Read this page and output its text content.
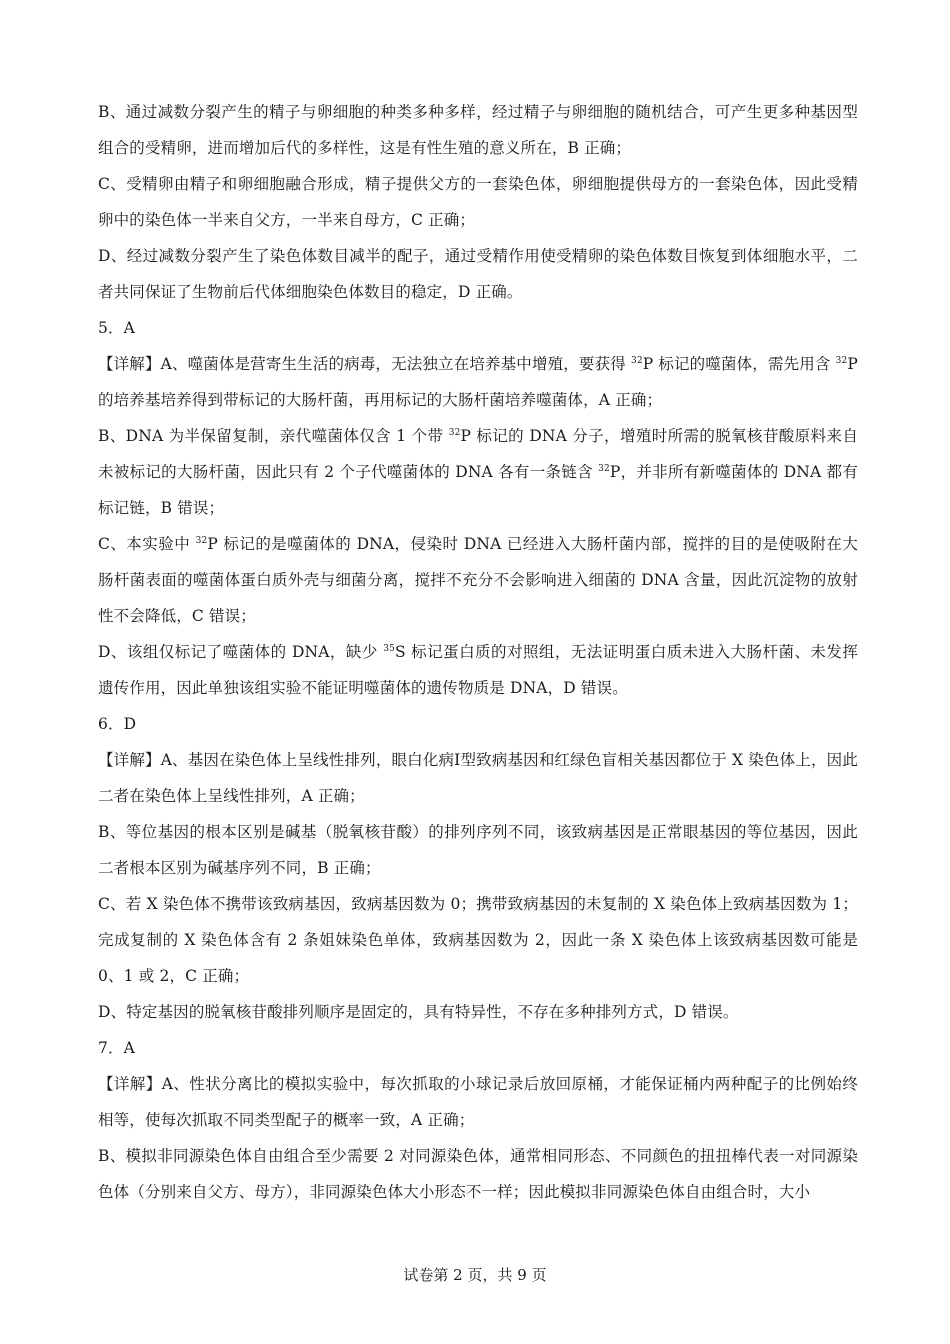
B、通过减数分裂产生的精子与卵细胞的种类多种多样，经过精子与卵细胞的随机结合，可产生更多种基因型组合的受精卵，进而增加后代的多样性，这是有性生殖的意义所在，B 正确；

C、受精卵由精子和卵细胞融合形成，精子提供父方的一套染色体，卵细胞提供母方的一套染色体，因此受精卵中的染色体一半来自父方，一半来自母方，C 正确；

D、经过减数分裂产生了染色体数目减半的配子，通过受精作用使受精卵的染色体数目恢复到体细胞水平，二者共同保证了生物前后代体细胞染色体数目的稳定，D 正确。

5．A

【详解】A、噬菌体是营寄生生活的病毒，无法独立在培养基中增殖，要获得 $^{32}$P 标记的噬菌体，需先用含 $^{32}$P 的培养基培养得到带标记的大肠杆菌，再用标记的大肠杆菌培养噬菌体，A 正确；

B、DNA 为半保留复制，亲代噬菌体仅含 1 个带 $^{32}$P 标记的 DNA 分子，增殖时所需的脱氧核苷酸原料来自未被标记的大肠杆菌，因此只有 2 个子代噬菌体的 DNA 各有一条链含 $^{32}$P，并非所有新噬菌体的 DNA 都有标记链，B 错误；

C、本实验中 $^{32}$P 标记的是噬菌体的 DNA，侵染时 DNA 已经进入大肠杆菌内部，搅拌的目的是使吸附在大肠杆菌表面的噬菌体蛋白质外壳与细菌分离，搅拌不充分不会影响进入细菌的 DNA 含量，因此沉淀物的放射性不会降低，C 错误；

D、该组仅标记了噬菌体的 DNA，缺少 $^{35}$S 标记蛋白质的对照组，无法证明蛋白质未进入大肠杆菌、未发挥遗传作用，因此单独该组实验不能证明噬菌体的遗传物质是 DNA，D 错误。

6．D

【详解】A、基因在染色体上呈线性排列，眼白化病Ⅰ型致病基因和红绿色盲相关基因都位于 X 染色体上，因此二者在染色体上呈线性排列，A 正确；

B、等位基因的根本区别是碱基（脱氧核苷酸）的排列序列不同，该致病基因是正常眼基因的等位基因，因此二者根本区别为碱基序列不同，B 正确；

C、若 X 染色体不携带该致病基因，致病基因数为 0；携带致病基因的未复制的 X 染色体上致病基因数为 1；完成复制的 X 染色体含有 2 条姐妹染色单体，致病基因数为 2，因此一条 X 染色体上该致病基因数可能是 0、1 或 2，C 正确；

D、特定基因的脱氧核苷酸排列顺序是固定的，具有特异性，不存在多种排列方式，D 错误。

7．A

【详解】A、性状分离比的模拟实验中，每次抓取的小球记录后放回原桶，才能保证桶内两种配子的比例始终相等，使每次抓取不同类型配子的概率一致，A 正确；

B、模拟非同源染色体自由组合至少需要 2 对同源染色体，通常相同形态、不同颜色的扭扭棒代表一对同源染色体（分别来自父方、母方），非同源染色体大小形态不一样；因此模拟非同源染色体自由组合时，大小

试卷第 2 页，共 9 页
